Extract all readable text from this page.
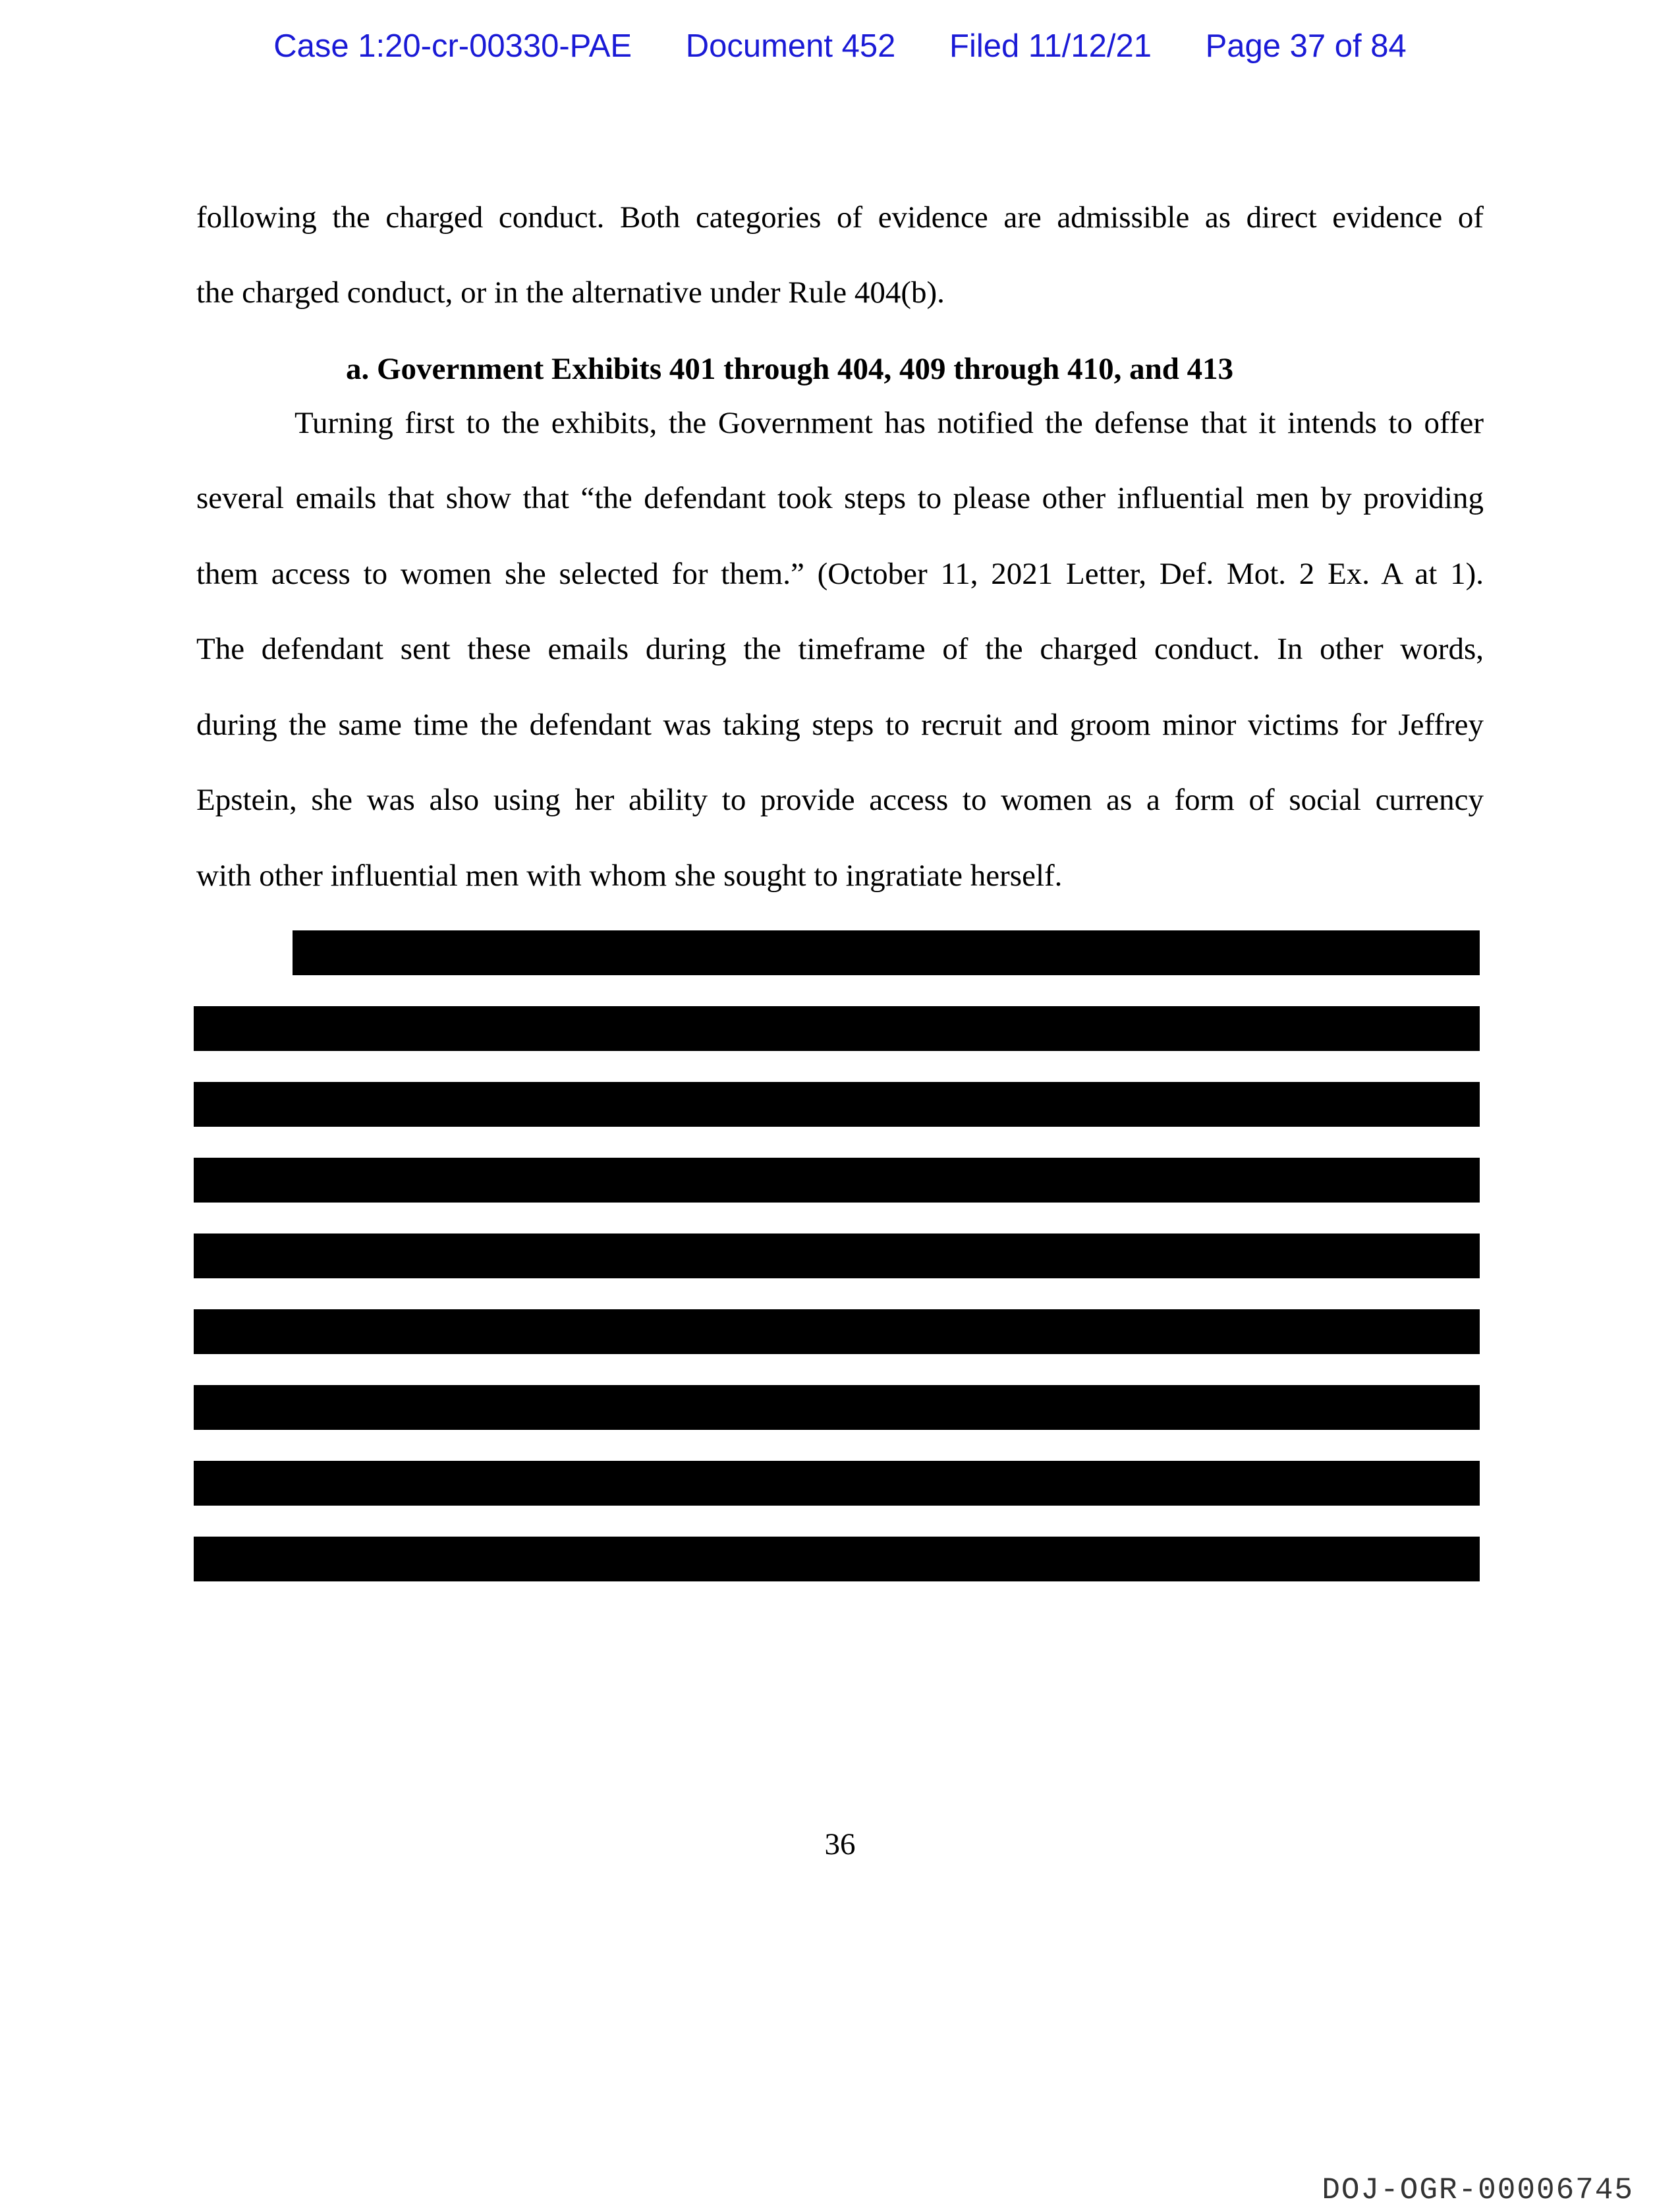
Case 1:20-cr-00330-PAE Document 452 Filed 11/12/21 Page 37 of 84
following the charged conduct. Both categories of evidence are admissible as direct evidence of
the charged conduct, or in the alternative under Rule 404(b).
a. Government Exhibits 401 through 404, 409 through 410, and 413
Turning first to the exhibits, the Government has notified the defense that it intends to offer
several emails that show that “the defendant took steps to please other influential men by providing
them access to women she selected for them.” (October 11, 2021 Letter, Def. Mot. 2 Ex. A at 1).
The defendant sent these emails during the timeframe of the charged conduct. In other words,
during the same time the defendant was taking steps to recruit and groom minor victims for Jeffrey
Epstein, she was also using her ability to provide access to women as a form of social currency
with other influential men with whom she sought to ingratiate herself.
36
DOJ-OGR-00006745
